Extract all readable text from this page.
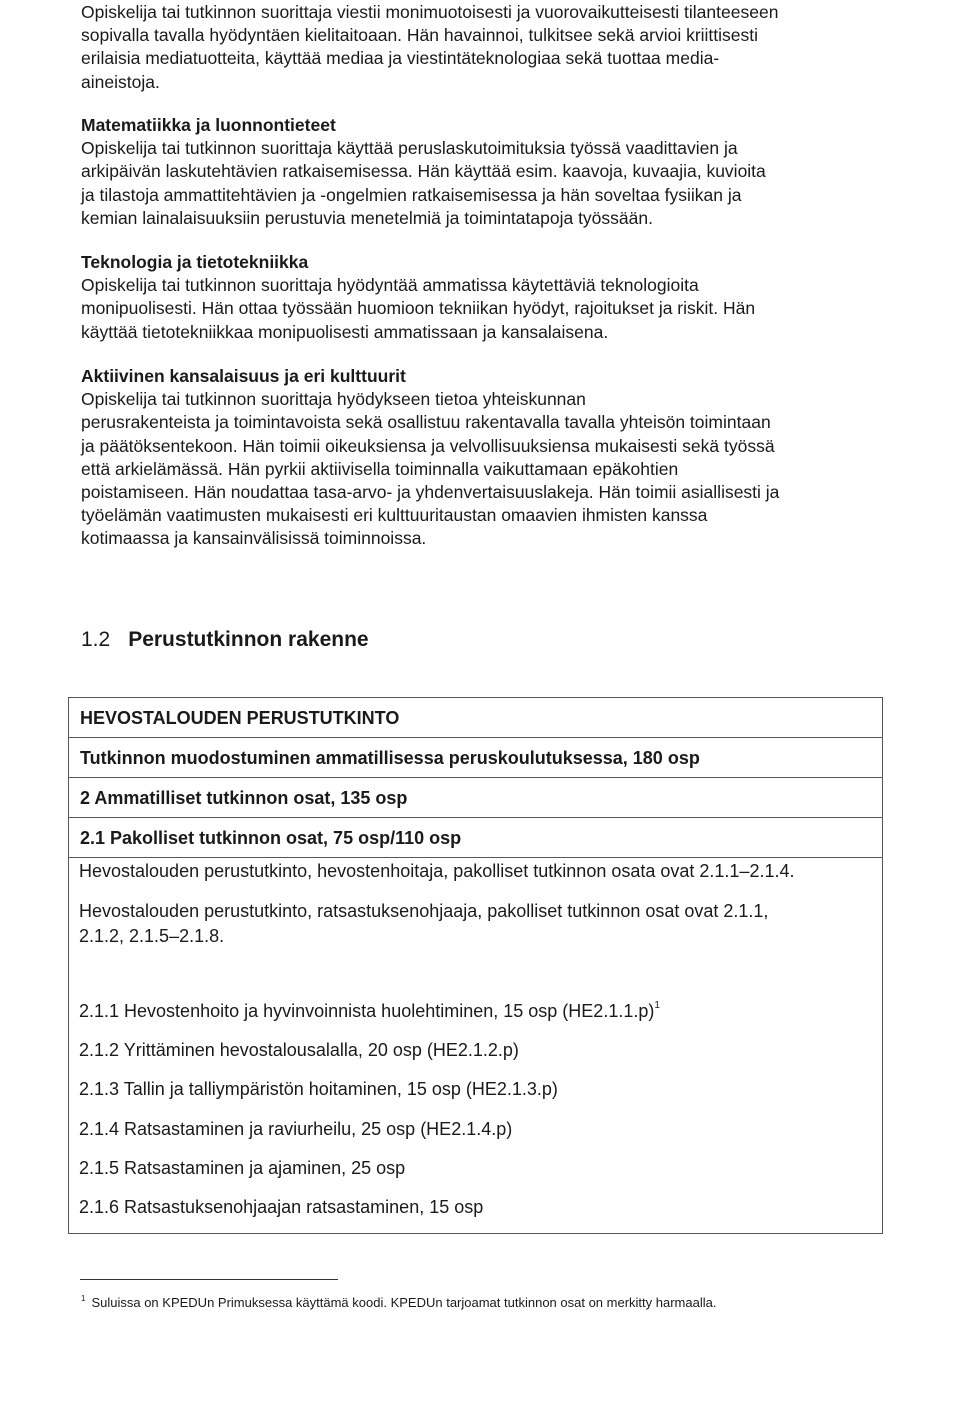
Opiskelija tai tutkinnon suorittaja viestii monimuotoisesti ja vuorovaikutteisesti tilanteeseen
sopivalla tavalla hyödyntäen kielitaitoaan. Hän havainnoi, tulkitsee sekä arvioi kriittisesti
erilaisia mediatuotteita, käyttää mediaa ja viestintäteknologiaa sekä tuottaa media-
aineistoja.
Matematiikka ja luonnontieteet
Opiskelija tai tutkinnon suorittaja käyttää peruslaskutoimituksia työssä vaadittavien ja
arkipäivän laskutehtävien ratkaisemisessa. Hän käyttää esim. kaavoja, kuvaajia, kuvioita
ja tilastoja ammattitehtävien ja -ongelmien ratkaisemisessa ja hän soveltaa fysiikan ja
kemian lainalaisuuksiin perustuvia menetelmiä ja toimintatapoja työssään.
Teknologia ja tietotekniikka
Opiskelija tai tutkinnon suorittaja hyödyntää ammatissa käytettäviä teknologioita
monipuolisesti. Hän ottaa työssään huomioon tekniikan hyödyt, rajoitukset ja riskit. Hän
käyttää tietotekniikkaa monipuolisesti ammatissaan ja kansalaisena.
Aktiivinen kansalaisuus ja eri kulttuurit
Opiskelija tai tutkinnon suorittaja hyödykseen tietoa yhteiskunnan
perusrakenteista ja toimintavoista sekä osallistuu rakentavalla tavalla yhteisön toimintaan
ja päätöksentekoon. Hän toimii oikeuksiensa ja velvollisuuksiensa mukaisesti sekä työssä
että arkielämässä. Hän pyrkii aktiivisella toiminnalla vaikuttamaan epäkohtien
poistamiseen. Hän noudattaa tasa-arvo- ja yhdenvertaisuuslakeja. Hän toimii asiallisesti ja
työelämän vaatimusten mukaisesti eri kulttuuritaustan omaavien ihmisten kanssa
kotimaassa ja kansainvälisissä toiminnoissa.
1.2 Perustutkinnon rakenne
HEVOSTALOUDEN PERUSTUTKINTO
Tutkinnon muodostuminen ammatillisessa peruskoulutuksessa, 180 osp
2 Ammatilliset tutkinnon osat, 135 osp
2.1 Pakolliset tutkinnon osat, 75 osp/110 osp
Hevostalouden perustutkinto, hevostenhoitaja, pakolliset tutkinnon osata ovat 2.1.1–2.1.4.
Hevostalouden perustutkinto, ratsastuksenohjaaja, pakolliset tutkinnon osat ovat 2.1.1,
2.1.2, 2.1.5–2.1.8.
2.1.1 Hevostenhoito ja hyvinvoinnista huolehtiminen, 15 osp (HE2.1.1.p)$^1$
2.1.2 Yrittäminen hevostalousalalla, 20 osp (HE2.1.2.p)
2.1.3 Tallin ja talliympäristön hoitaminen, 15 osp (HE2.1.3.p)
2.1.4 Ratsastaminen ja raviurheilu, 25 osp (HE2.1.4.p)
2.1.5 Ratsastaminen ja ajaminen, 25 osp
2.1.6 Ratsastuksenohjaajan ratsastaminen, 15 osp
$^1$ Suluissa on KPEDUn Primuksessa käyttämä koodi. KPEDUn tarjoamat tutkinnon osat on merkitty harmaalla.
